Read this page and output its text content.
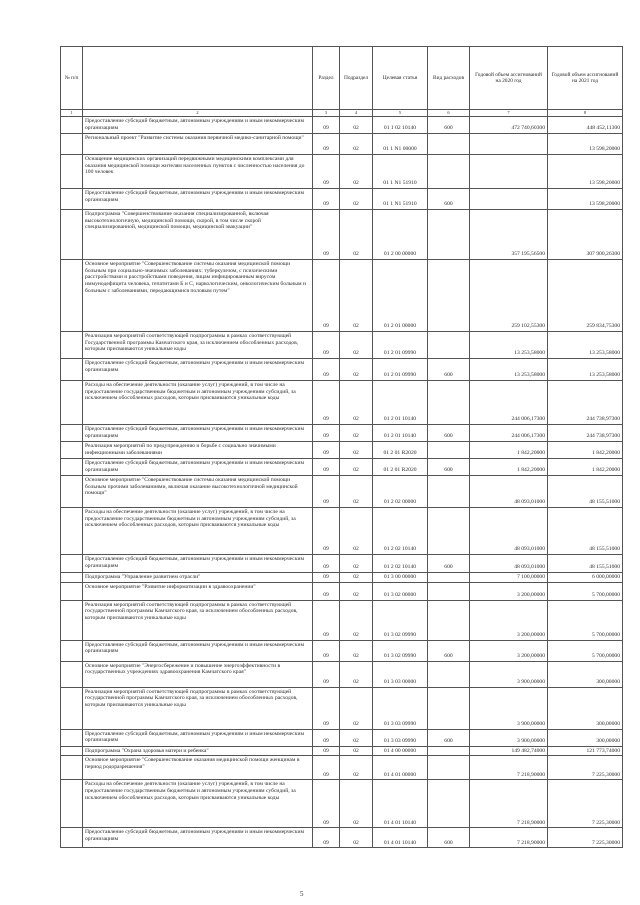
№ п/п		Раздел	Подраздел	Целевая статья	Вид расходов	Годовой объем ассигнований на 2020 год	Годовой объем ассигнований на 2021 год
1	2	3	4	5	6	7	8

	Предоставление субсидий бюджетным, автономным учреждениям и иным некоммерческим организациям	09	02	01 1 02 10140	600	472 740,60300	448 452,11300

	Региональный проект "Развитие системы оказания первичной медико-санитарной помощи"	09	02	01 1 N1 00000			13 598,20000

	Оснащение медицинских организаций передвижными медицинскими комплексами для оказания медицинской помощи жителям населенных пунктов с численностью населения до 100 человек	09	02	01 1 N1 51910			13 598,20000

	Предоставление субсидий бюджетным, автономным учреждениям и иным некоммерческим организациям	09	02	01 1 N1 51910	600		13 598,20000

	Подпрограмма "Совершенствование оказания специализированной, включая высокотехнологичную, медицинской помощи, скорой, в том числе скорой специализированной, медицинской помощи, медицинской эвакуации"	09	02	01 2 00 00000		357 195,56500	307 900,26300

	Основное мероприятие "Совершенствование системы оказания медицинской помощи больным при социально-значимых заболеваниях: туберкулезом, с психическими расстройствами и расстройствами поведения, лицам инфицированным вирусом иммунодефицита человека, гепатитами Б и С, наркологическим, онкологическим больным и больным с заболеваниями, передающимися половым путем"	09	02	01 2 01 00000		259 102,55300	259 834,75300

	Реализация мероприятий соответствующей подпрограммы в рамках соответствующей Государственной программы Камчатского края, за исключением обособленных расходов, которым присваиваются уникальные коды	09	02	01 2 01 09990		13 253,58000	13 253,58000

	Предоставление субсидий бюджетным, автономным учреждениям и иным некоммерческим организациям	09	02	01 2 01 09990	600	13 253,58000	13 253,58000

	Расходы на обеспечение деятельности (оказание услуг) учреждений, в том числе на предоставление государственным бюджетным и автономным учреждениям субсидий, за исключением обособленных расходов, которым присваиваются уникальные коды	09	02	01 2 01 10140		244 006,17300	244 738,97300

	Предоставление субсидий бюджетным, автономным учреждениям и иным некоммерческим организациям	09	02	01 2 01 10140	600	244 006,17300	244 738,97300

	Реализация мероприятий по предупреждению и борьбе с социально значимыми инфекционными заболеваниями	09	02	01 2 01 R2020		1 842,20000	1 842,20000

	Предоставление субсидий бюджетным, автономным учреждениям и иным некоммерческим организациям	09	02	01 2 01 R2020	600	1 842,20000	1 842,20000

	Основное мероприятие "Совершенствование системы оказания медицинской помощи больным прочими заболеваниями, включая оказание высокотехнологичной медицинской помощи"	09	02	01 2 02 00000		48 093,01000	48 155,51000

	Расходы на обеспечение деятельности (оказание услуг) учреждений, в том числе на предоставление государственным бюджетным и автономным учреждениям субсидий, за исключением обособленных расходов, которым присваиваются уникальные коды	09	02	01 2 02 10140		48 093,01000	48 155,51000

	Предоставление субсидий бюджетным, автономным учреждениям и иным некоммерческим организациям	09	02	01 2 02 10140	600	48 093,01000	48 155,51000

	Подпрограмма "Управление развитием отрасли"	09	02	01 3 00 00000		7 100,00000	6 000,00000

	Основное мероприятие "Развитие информатизации в здравоохранении"	09	02	01 3 02 00000		3 200,00000	5 700,00000

	Реализация мероприятий соответствующей подпрограммы в рамках соответствующей государственной программы Камчатского края, за исключением обособленных расходов, которым присваиваются уникальные коды	09	02	01 3 02 09990		3 200,00000	5 700,00000

	Предоставление субсидий бюджетным, автономным учреждениям и иным некоммерческим организациям	09	02	01 3 02 09990	600	3 200,00000	5 700,00000

	Основное мероприятие "Энергосбережение и повышение энергоэффективности в государственных учреждениях здравоохранения Камчатского края"	09	02	01 3 03 00000		3 900,00000	300,00000

	Реализация мероприятий соответствующей подпрограммы в рамках соответствующей государственной программы Камчатского края, за исключением обособленных расходов, которым присваиваются уникальные коды	09	02	01 3 03 09990		3 900,00000	300,00000

	Предоставление субсидий бюджетным, автономным учреждениям и иным некоммерческим организациям	09	02	01 3 03 09990	600	3 900,00000	300,00000

	Подпрограмма "Охрана здоровья матери и ребенка"	09	02	01 4 00 00000		149 482,74000	121 773,74000

	Основное мероприятие "Совершенствование оказания медицинской помощи женщинам в период родоразрешения"	09	02	01 4 01 00000		7 218,90000	7 225,30000

	Расходы на обеспечение деятельности (оказание услуг) учреждений, в том числе на предоставление государственным бюджетным и автономным учреждениям субсидий, за исключением обособленных расходов, которым присваиваются уникальные коды	09	02	01 4 01 10140		7 218,90000	7 225,30000

	Предоставление субсидий бюджетным, автономным учреждениям и иным некоммерческим организациям	09	02	01 4 01 10140	600	7 218,90000	7 225,30000
5
